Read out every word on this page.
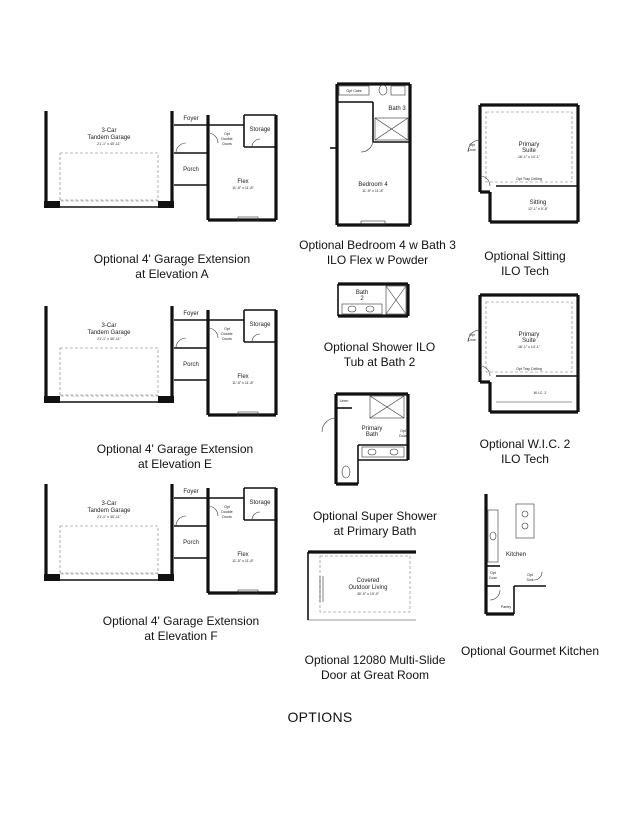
3-Car
Tandem Garage
21'-1" x 40'-11"
Foyer
Porch
Flex
11'-5" x 11'-8"
Storage
Opt
Double
Doors
Optional 4' Garage Extension
at Elevation A
3-Car
Tandem Garage
21'-1" x 40'-11"
Foyer
Porch
Flex
11'-5" x 11'-8"
Storage
Opt
Double
Doors
Optional 4' Garage Extension
at Elevation E
3-Car
Tandem Garage
21'-1" x 40'-11"
Foyer
Porch
Flex
11'-5" x 11'-8"
Storage
Opt
Double
Doors
Optional 4' Garage Extension
at Elevation F
Opt Cabs
Bath 3
Bedroom 4
11'-5" x 11'-8"
Optional Bedroom 4 w Bath 3
ILO Flex w Powder
Bath
2
Optional Shower ILO
Tub at Bath 2
Linen
Primary
Bath
Opt
Door
Optional Super Shower
at Primary Bath
Covered
Outdoor Living
30'-0" x 10'-0"
Optional 12080 Multi-Slide
Door at Great Room
Primary
Suite
16'-1" x 14'-1"
Opt Tray Ceiling
Sitting
12'-1" x 5'-8"
Opt
Door
Optional Sitting
ILO Tech
Primary
Suite
16'-1" x 14'-1"
Opt Tray Ceiling
W.I.C. 2
Opt
Door
Optional W.I.C. 2
ILO Tech
Kitchen
Pantry
Opt
Door
Opt
Sink
Optional Gourmet Kitchen
OPTIONS
